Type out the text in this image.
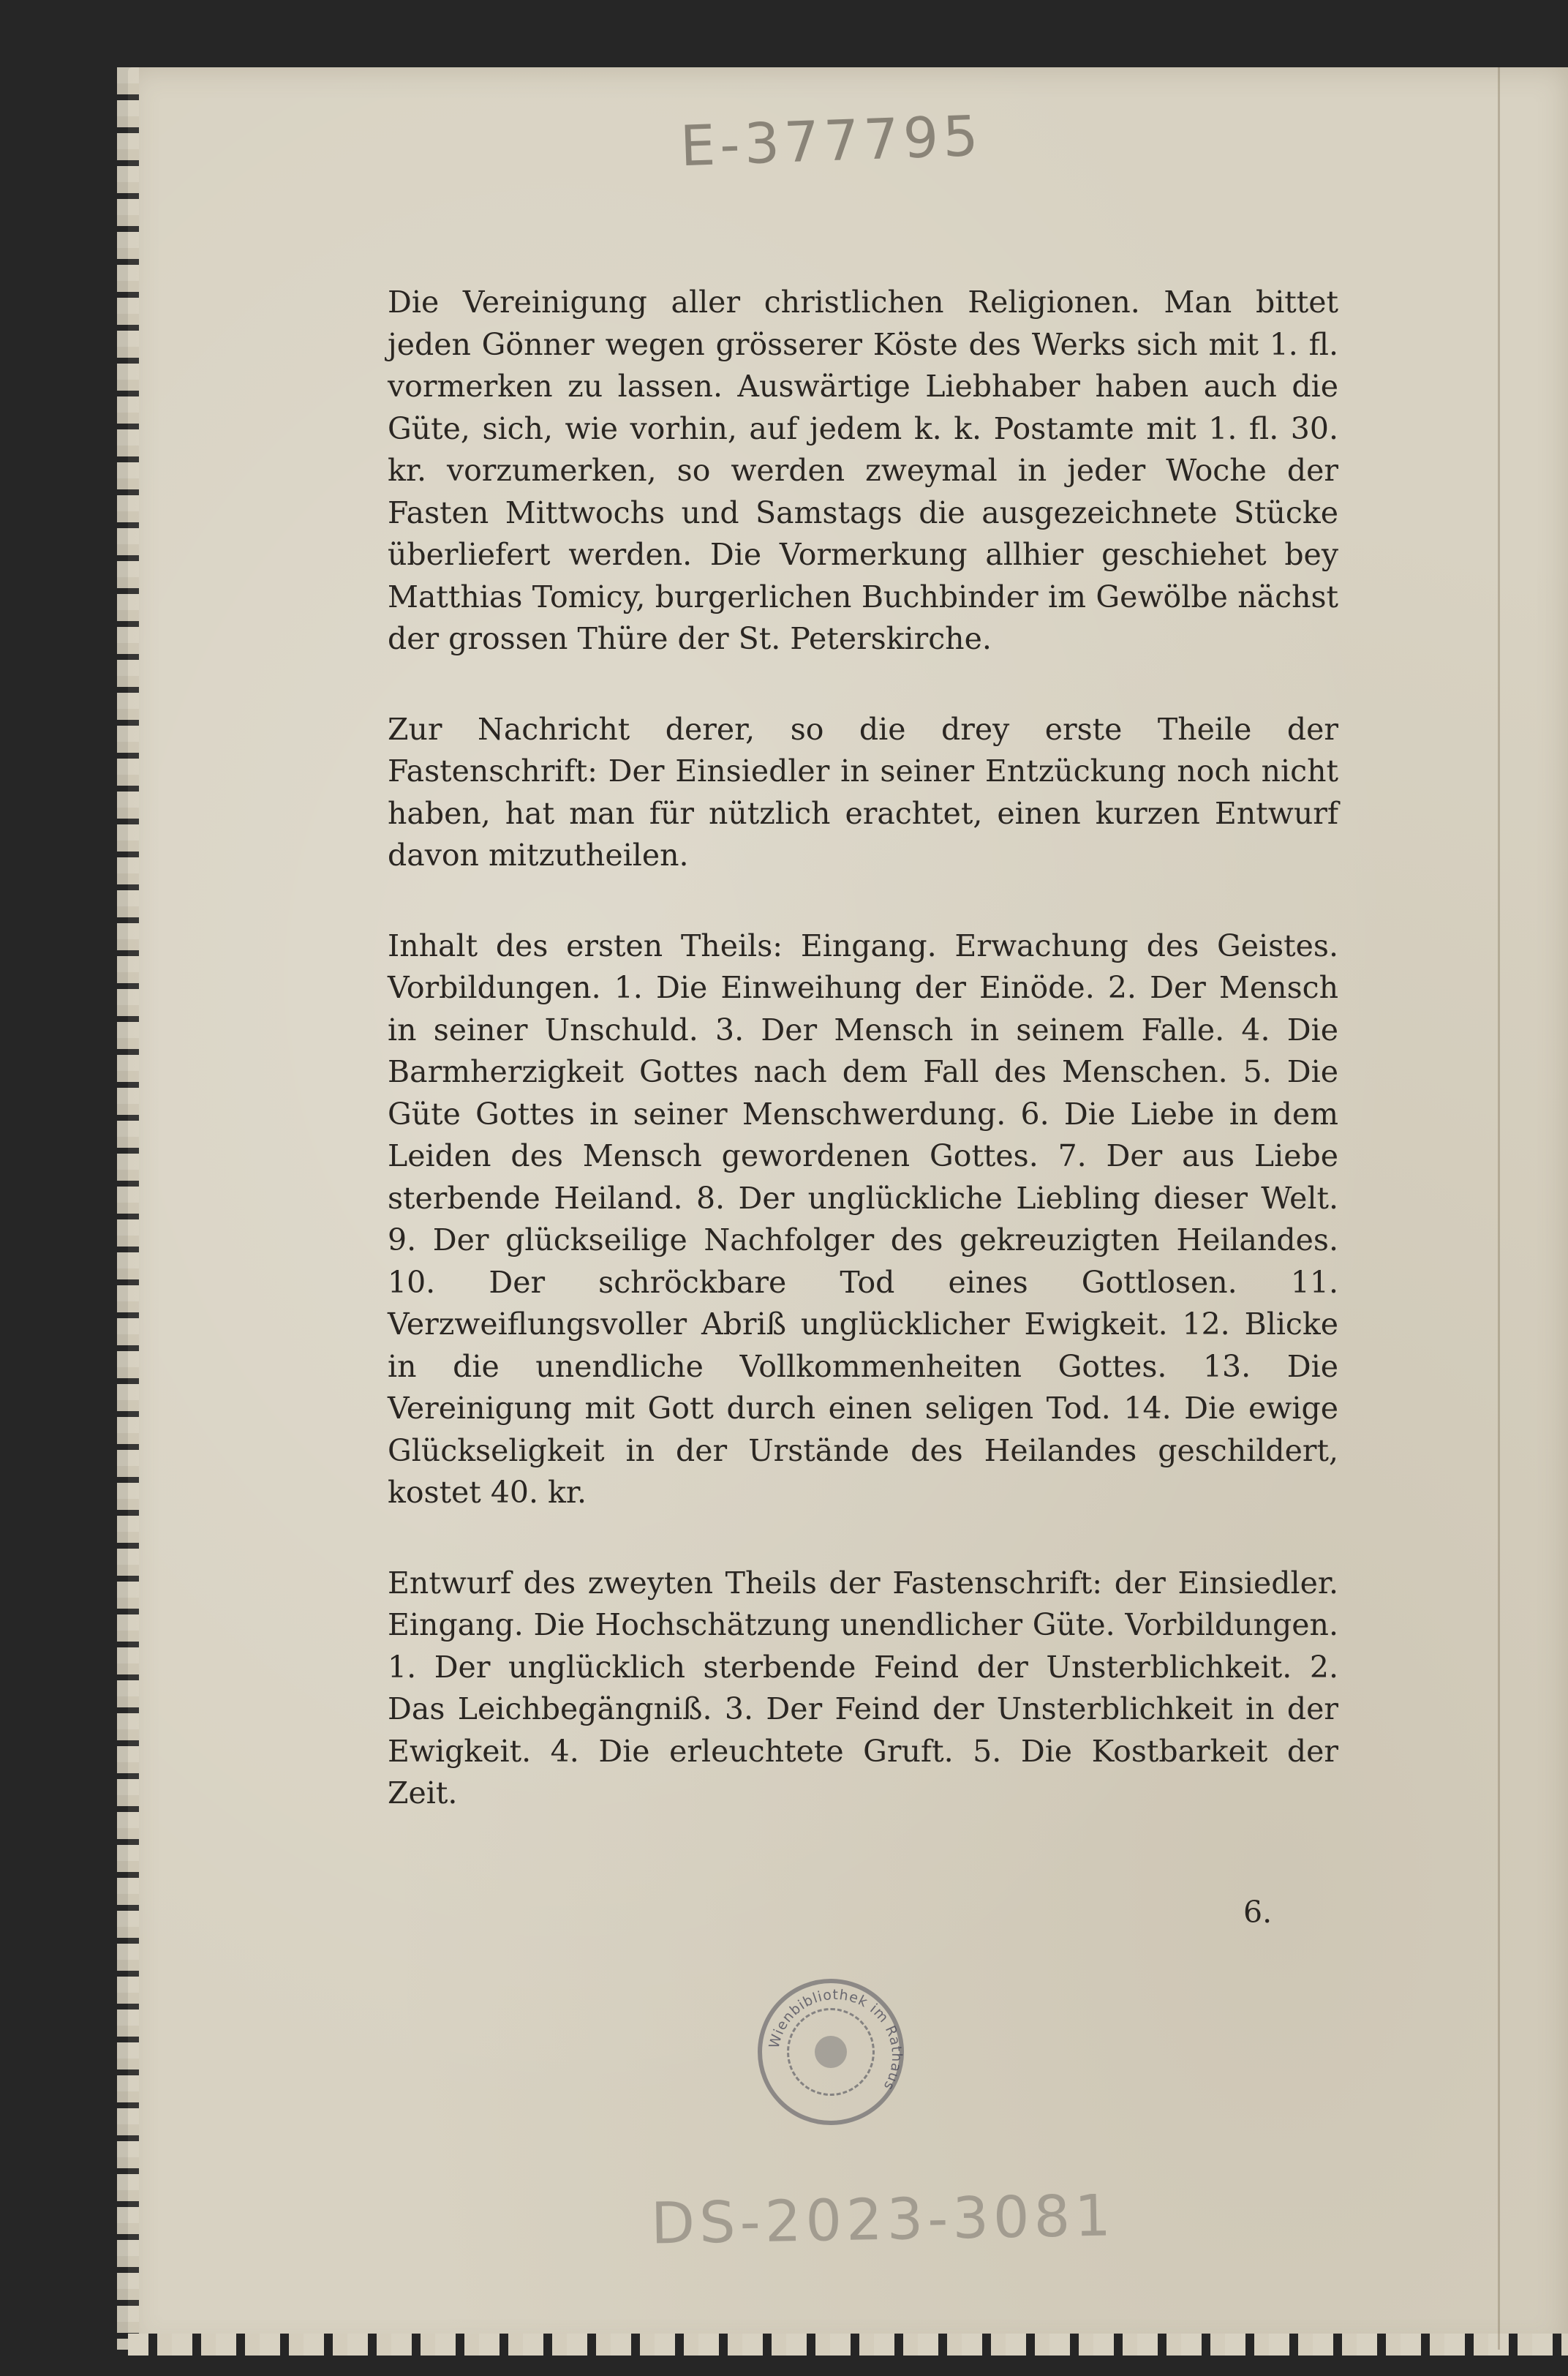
E-377795

Die Vereinigung aller christlichen Religionen. Man bittet jeden Gönner wegen grösserer Köste des Werks sich mit 1. fl. vormerken zu lassen. Auswärtige Liebhaber haben auch die Güte, sich, wie vorhin, auf jedem k. k. Postamte mit 1. fl. 30. kr. vorzumerken, so werden zweymal in jeder Woche der Fasten Mittwochs und Samstags die ausgezeichnete Stücke überliefert werden. Die Vormerkung allhier geschiehet bey Matthias Tomicy, burgerlichen Buchbinder im Gewölbe nächst der grossen Thüre der St. Peterskirche.

Zur Nachricht derer, so die drey erste Theile der Fastenschrift: Der Einsiedler in seiner Entzückung noch nicht haben, hat man für nützlich erachtet, einen kurzen Entwurf davon mitzutheilen.

Inhalt des ersten Theils: Eingang. Erwachung des Geistes. Vorbildungen. 1. Die Einweihung der Einöde. 2. Der Mensch in seiner Unschuld. 3. Der Mensch in seinem Falle. 4. Die Barmherzigkeit Gottes nach dem Fall des Menschen. 5. Die Güte Gottes in seiner Menschwerdung. 6. Die Liebe in dem Leiden des Mensch gewordenen Gottes. 7. Der aus Liebe sterbende Heiland. 8. Der unglückliche Liebling dieser Welt. 9. Der glückseilige Nachfolger des gekreuzigten Heilandes. 10. Der schröckbare Tod eines Gottlosen. 11. Verzweiflungsvoller Abriß unglücklicher Ewigkeit. 12. Blicke in die unendliche Vollkommenheiten Gottes. 13. Die Vereinigung mit Gott durch einen seligen Tod. 14. Die ewige Glückseligkeit in der Urstände des Heilandes geschildert, kostet 40. kr.

Entwurf des zweyten Theils der Fastenschrift: der Einsiedler. Eingang. Die Hochschätzung unendlicher Güte. Vorbildungen. 1. Der unglücklich sterbende Feind der Unsterblichkeit. 2. Das Leichbegängniß. 3. Der Feind der Unsterblichkeit in der Ewigkeit. 4. Die erleuchtete Gruft. 5. Die Kostbarkeit der Zeit.

6.
Wienbibliothek im Rathaus
DS-2023-3081
